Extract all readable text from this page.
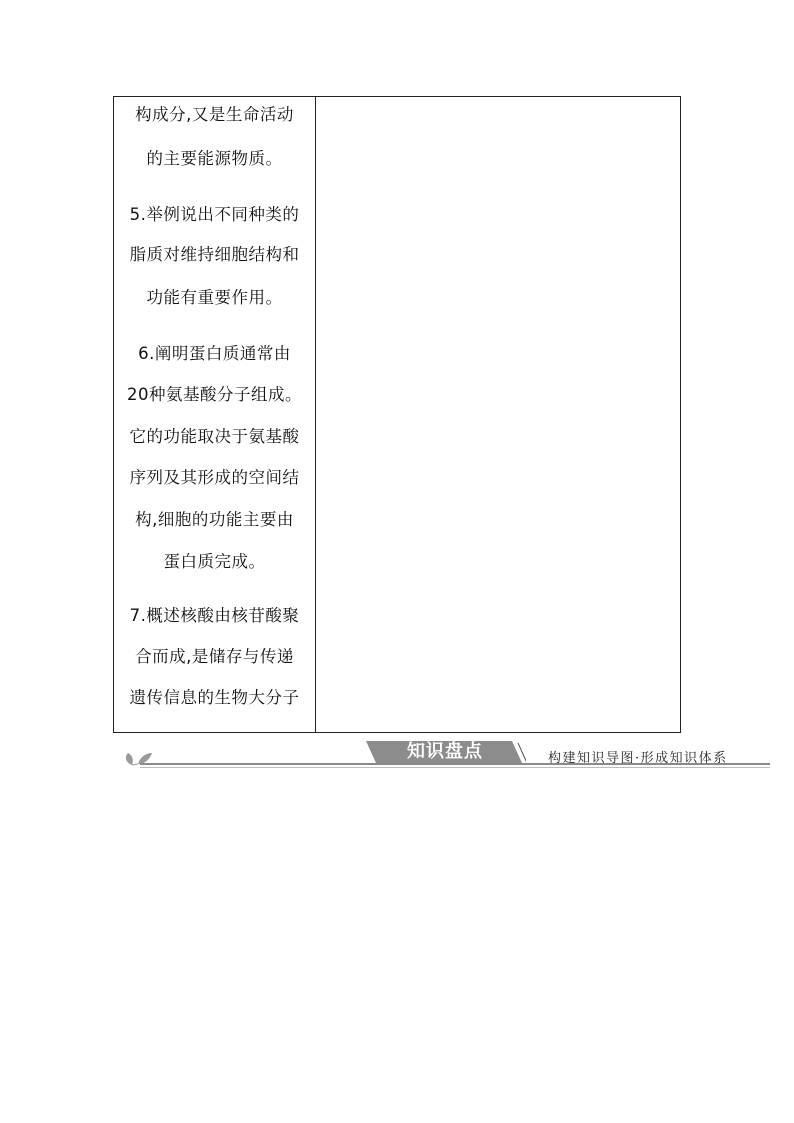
构成分,又是生命活动
的主要能源物质。
5.举例说出不同种类的
脂质对维持细胞结构和
功能有重要作用。
6.阐明蛋白质通常由
20种氨基酸分子组成。
它的功能取决于氨基酸
序列及其形成的空间结
构,细胞的功能主要由
蛋白质完成。
7.概述核酸由核苷酸聚
合而成,是储存与传递
遗传信息的生物大分子
知识盘点	构建知识导图·形成知识体系
